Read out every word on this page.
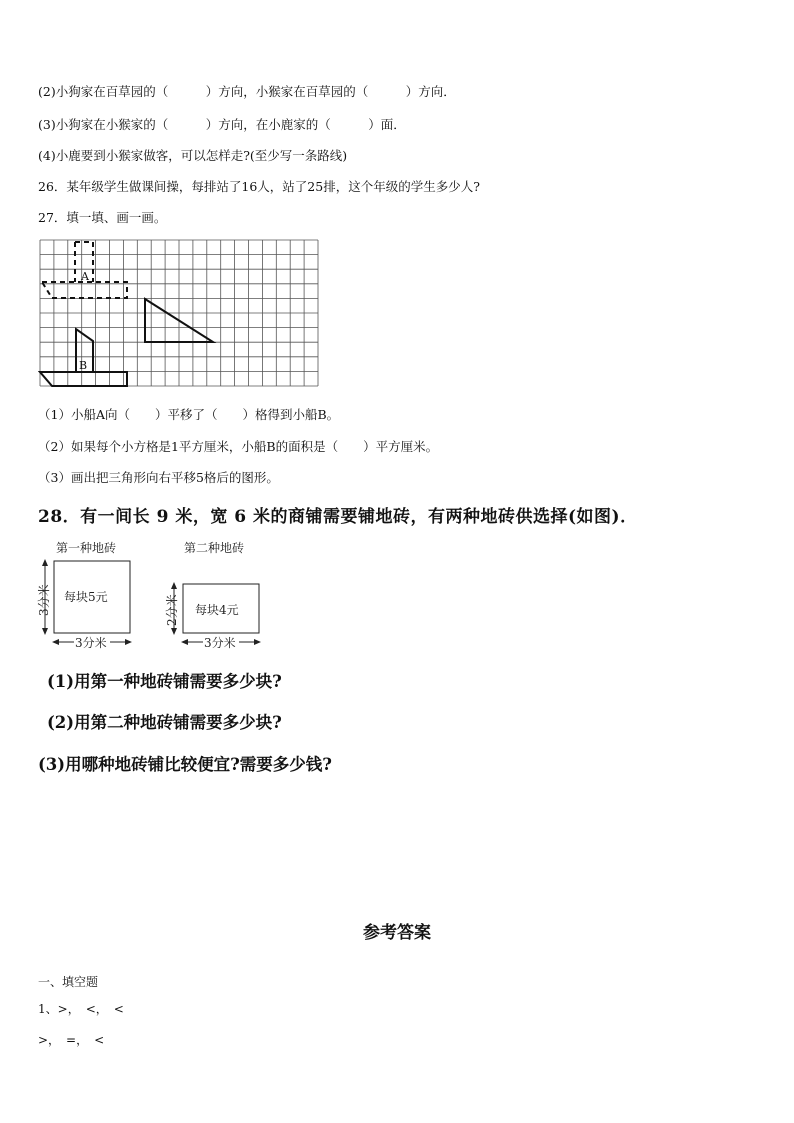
(2)小狗家在百草园的（　　　）方向，小猴家在百草园的（　　　）方向．
(3)小狗家在小猴家的（　　　）方向，在小鹿家的（　　　）面．
(4)小鹿要到小猴家做客，可以怎样走?(至少写一条路线)
26．某年级学生做课间操，每排站了16人，站了25排，这个年级的学生多少人?
27．填一填、画一画。
A
B
（1）小船A向（　　）平移了（　　）格得到小船B。
（2）如果每个小方格是1平方厘米，小船B的面积是（　　）平方厘米。
（3）画出把三角形向右平移5格后的图形。
28．有一间长 9 米，宽 6 米的商铺需要铺地砖，有两种地砖供选择(如图)．
第一种地砖
每块5元
3分米
3分米
第二种地砖
每块4元
2分米
3分米
(1)用第一种地砖铺需要多少块?
(2)用第二种地砖铺需要多少块?
(3)用哪种地砖铺比较便宜?需要多少钱?
参考答案
一、填空题
1、>，　<，　<
>，　=，　<
